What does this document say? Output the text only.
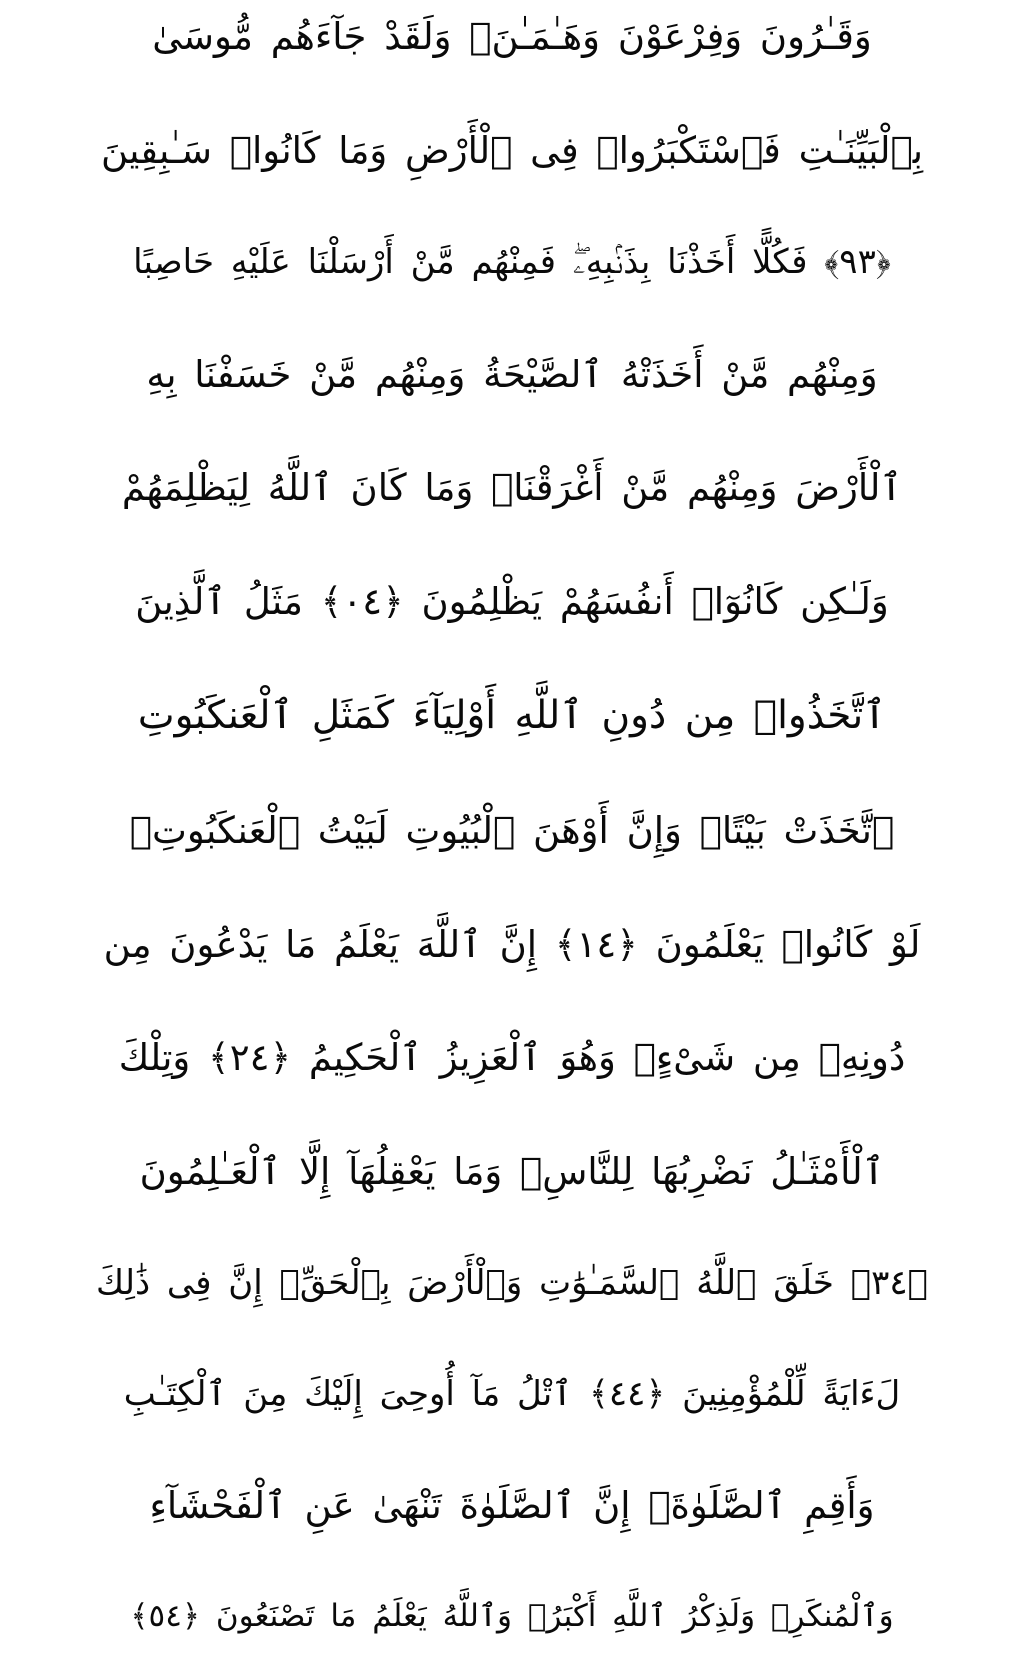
وَقَـٰرُونَ وَفِرْعَوْنَ وَهَـٰمَـٰنَۖ وَلَقَدْ جَآءَهُم مُّوسَىٰ
بِٱلْبَيِّنَـٰتِ فَٱسْتَكْبَرُوا۟ فِى ٱلْأَرْضِ وَمَا كَانُوا۟ سَـٰبِقِينَ
﴿٣٩﴾ فَكُلًّا أَخَذْنَا بِذَنۢبِهِۦۖ فَمِنْهُم مَّنْ أَرْسَلْنَا عَلَيْهِ حَاصِبًا
وَمِنْهُم مَّنْ أَخَذَتْهُ ٱلصَّيْحَةُ وَمِنْهُم مَّنْ خَسَفْنَا بِهِ
ٱلْأَرْضَ وَمِنْهُم مَّنْ أَغْرَقْنَاۚ وَمَا كَانَ ٱللَّهُ لِيَظْلِمَهُمْ
وَلَـٰكِن كَانُوٓا۟ أَنفُسَهُمْ يَظْلِمُونَ ﴿٤٠﴾ مَثَلُ ٱلَّذِينَ
ٱتَّخَذُوا۟ مِن دُونِ ٱللَّهِ أَوْلِيَآءَ كَمَثَلِ ٱلْعَنكَبُوتِ
ٱتَّخَذَتْ بَيْتًاۖ وَإِنَّ أَوْهَنَ ٱلْبُيُوتِ لَبَيْتُ ٱلْعَنكَبُوتِۖ
لَوْ كَانُوا۟ يَعْلَمُونَ ﴿٤١﴾ إِنَّ ٱللَّهَ يَعْلَمُ مَا يَدْعُونَ مِن
دُونِهِۦ مِن شَىْءٍۚ وَهُوَ ٱلْعَزِيزُ ٱلْحَكِيمُ ﴿٤٢﴾ وَتِلْكَ
ٱلْأَمْثَـٰلُ نَضْرِبُهَا لِلنَّاسِۖ وَمَا يَعْقِلُهَآ إِلَّا ٱلْعَـٰلِمُونَ
﴿٤٣﴾ خَلَقَ ٱللَّهُ ٱلسَّمَـٰوَٰتِ وَٱلْأَرْضَ بِٱلْحَقِّۚ إِنَّ فِى ذَٰلِكَ
لَءَايَةً لِّلْمُؤْمِنِينَ ﴿٤٤﴾ ٱتْلُ مَآ أُوحِىَ إِلَيْكَ مِنَ ٱلْكِتَـٰبِ
وَأَقِمِ ٱلصَّلَوٰةَۖ إِنَّ ٱلصَّلَوٰةَ تَنْهَىٰ عَنِ ٱلْفَحْشَآءِ
وَٱلْمُنكَرِۗ وَلَذِكْرُ ٱللَّهِ أَكْبَرُۗ وَٱللَّهُ يَعْلَمُ مَا تَصْنَعُونَ ﴿٤٥﴾
